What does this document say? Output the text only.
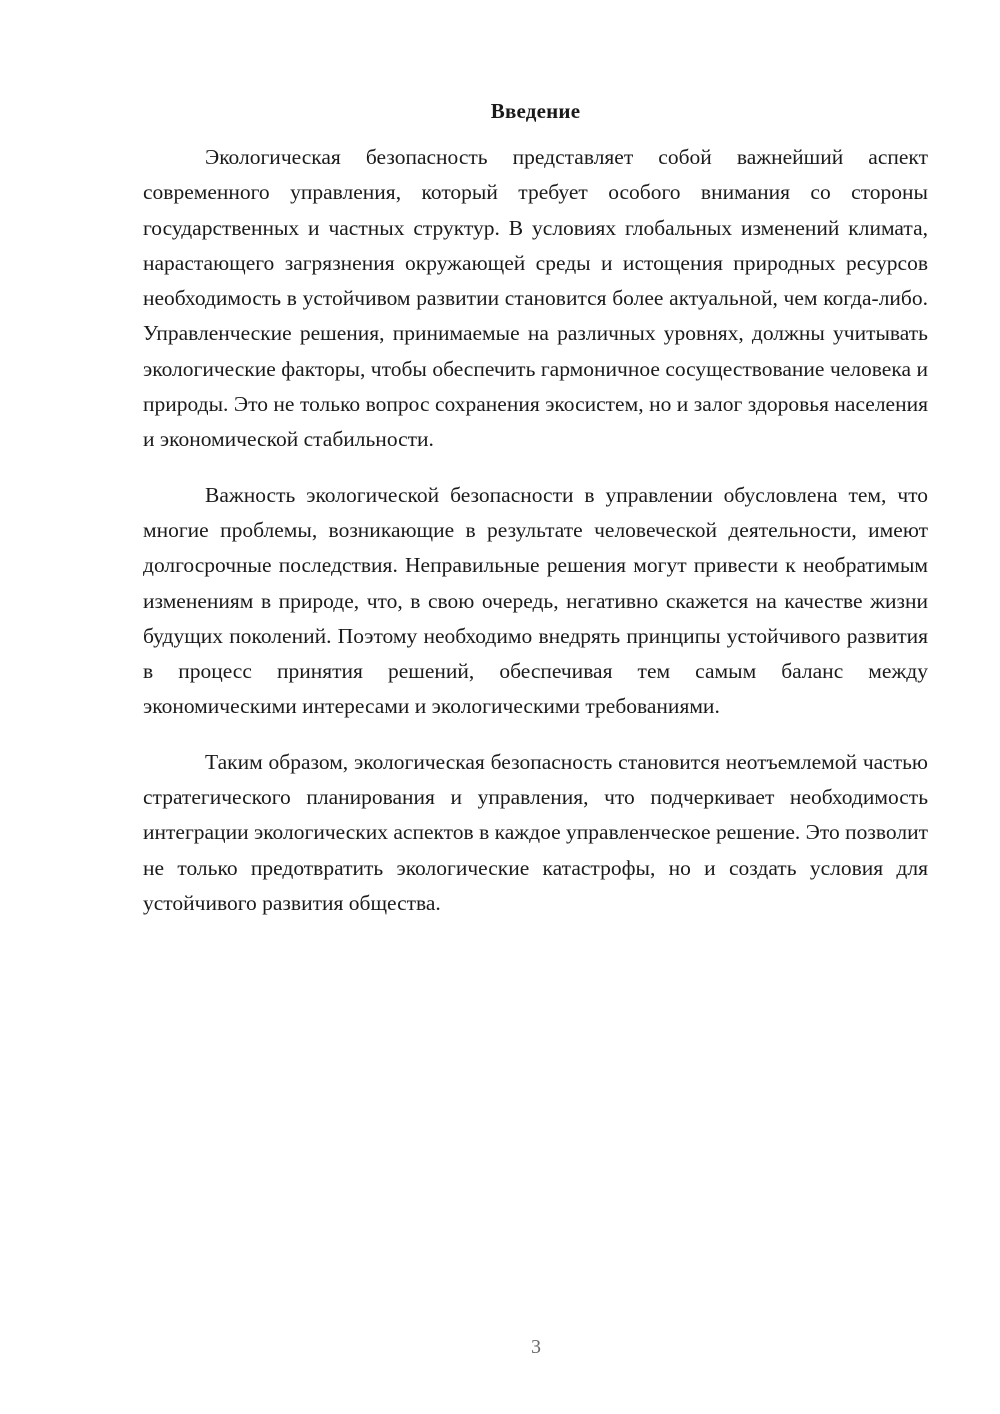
Введение

Экологическая безопасность представляет собой важнейший аспект современного управления, который требует особого внимания со стороны государственных и частных структур. В условиях глобальных изменений климата, нарастающего загрязнения окружающей среды и истощения природных ресурсов необходимость в устойчивом развитии становится более актуальной, чем когда-либо. Управленческие решения, принимаемые на различных уровнях, должны учитывать экологические факторы, чтобы обеспечить гармоничное сосуществование человека и природы. Это не только вопрос сохранения экосистем, но и залог здоровья населения и экономической стабильности.

Важность экологической безопасности в управлении обусловлена тем, что многие проблемы, возникающие в результате человеческой деятельности, имеют долгосрочные последствия. Неправильные решения могут привести к необратимым изменениям в природе, что, в свою очередь, негативно скажется на качестве жизни будущих поколений. Поэтому необходимо внедрять принципы устойчивого развития в процесс принятия решений, обеспечивая тем самым баланс между экономическими интересами и экологическими требованиями.

Таким образом, экологическая безопасность становится неотъемлемой частью стратегического планирования и управления, что подчеркивает необходимость интеграции экологических аспектов в каждое управленческое решение. Это позволит не только предотвратить экологические катастрофы, но и создать условия для устойчивого развития общества.

3
